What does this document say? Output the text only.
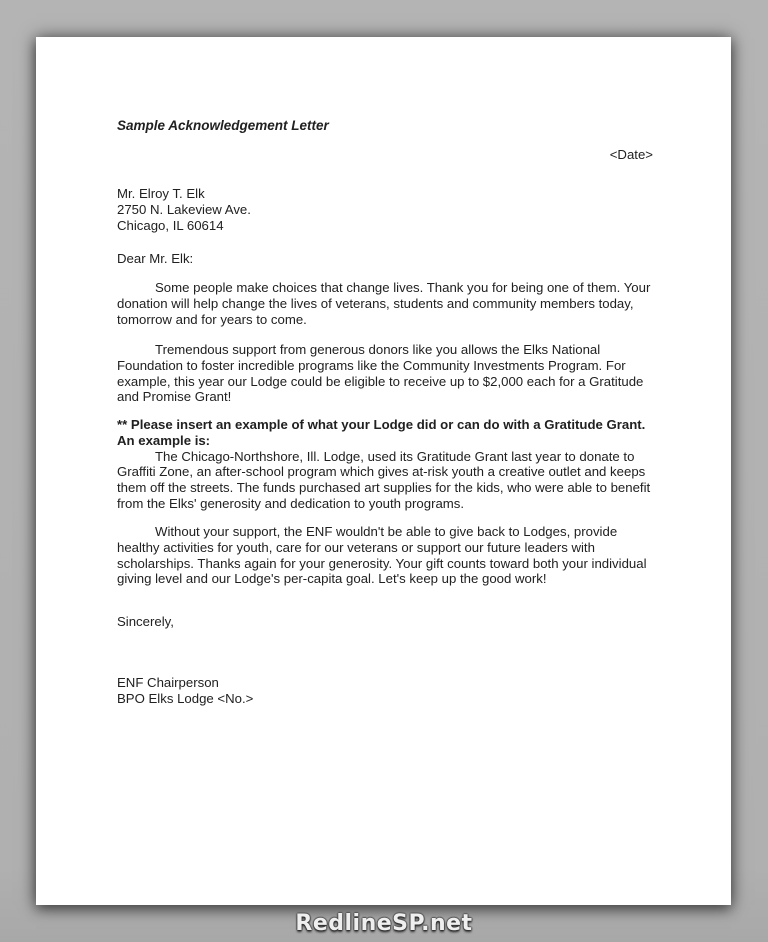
Sample Acknowledgement Letter
<Date>
Mr. Elroy T. Elk
2750 N. Lakeview Ave.
Chicago, IL 60614
Dear Mr. Elk:

Some people make choices that change lives. Thank you for being one of them. Your donation will help change the lives of veterans, students and community members today, tomorrow and for years to come.

Tremendous support from generous donors like you allows the Elks National Foundation to foster incredible programs like the Community Investments Program. For example, this year our Lodge could be eligible to receive up to $2,000 each for a Gratitude and Promise Grant!

** Please insert an example of what your Lodge did or can do with a Gratitude Grant. An example is:

The Chicago-Northshore, Ill. Lodge, used its Gratitude Grant last year to donate to Graffiti Zone, an after-school program which gives at-risk youth a creative outlet and keeps them off the streets. The funds purchased art supplies for the kids, who were able to benefit from the Elks' generosity and dedication to youth programs.

Without your support, the ENF wouldn't be able to give back to Lodges, provide healthy activities for youth, care for our veterans or support our future leaders with scholarships. Thanks again for your generosity. Your gift counts toward both your individual giving level and our Lodge's per-capita goal. Let's keep up the good work!

Sincerely,
ENF Chairperson
BPO Elks Lodge <No.>
RedlineSP.net
